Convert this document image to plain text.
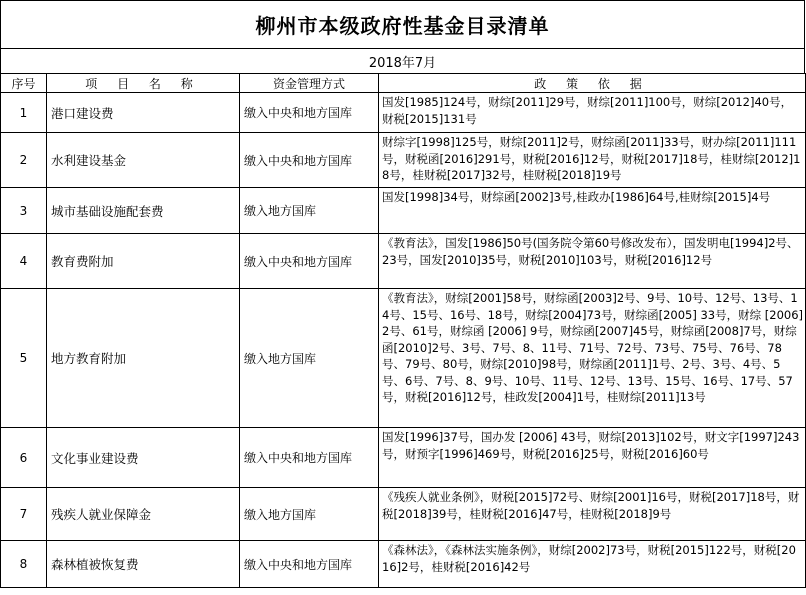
柳州市本级政府性基金目录清单
2018年7月
序号	项 目 名 称	资金管理方式	政 策 依 据
1	港口建设费	缴入中央和地方国库	国发[1985]124号，财综[2011]29号，财综[2011]100号，财综[2012]40号，财税[2015]131号
2	水利建设基金	缴入中央和地方国库	财综字[1998]125号，财综[2011]2号，财综函[2011]33号，财办综[2011]111号，财税函[2016]291号，财税[2016]12号，财税[2017]18号，桂财综[2012]18号，桂财税[2017]32号，桂财税[2018]19号
3	城市基础设施配套费	缴入地方国库	国发[1998]34号，财综函[2002]3号,桂政办[1986]64号,桂财综[2015]4号
4	教育费附加	缴入中央和地方国库	《教育法》，国发[1986]50号(国务院令第60号修改发布），国发明电[1994]2号、23号，国发[2010]35号，财税[2010]103号，财税[2016]12号
5	地方教育附加	缴入地方国库	《教育法》，财综[2001]58号，财综函[2003]2号、9号、10号、12号、13号、14号、15号、16号、18号，财综[2004]73号，财综函[2005] 33号，财综 [2006] 2号、61号，财综函 [2006] 9号，财综函[2007]45号，财综函[2008]7号，财综函[2010]2号、3号、7号、8、11号、71号、72号、73号、75号、76号、78号、79号、80号，财综[2010]98号，财综函[2011]1号、2号、3号、4号、5号、6号、7号、8、9号、10号、11号、12号、13号、15号、16号、17号、57号，财税[2016]12号，桂政发[2004]1号，桂财综[2011]13号
6	文化事业建设费	缴入中央和地方国库	国发[1996]37号，国办发 [2006] 43号，财综[2013]102号，财文字[1997]243号，财预字[1996]469号，财税[2016]25号，财税[2016]60号
7	残疾人就业保障金	缴入地方国库	《残疾人就业条例》，财税[2015]72号、财综[2001]16号，财税[2017]18号，财税[2018]39号，桂财税[2016]47号，桂财税[2018]9号
8	森林植被恢复费	缴入中央和地方国库	《森林法》，《森林法实施条例》，财综[2002]73号，财税[2015]122号，财税[2016]2号，桂财税[2016]42号
